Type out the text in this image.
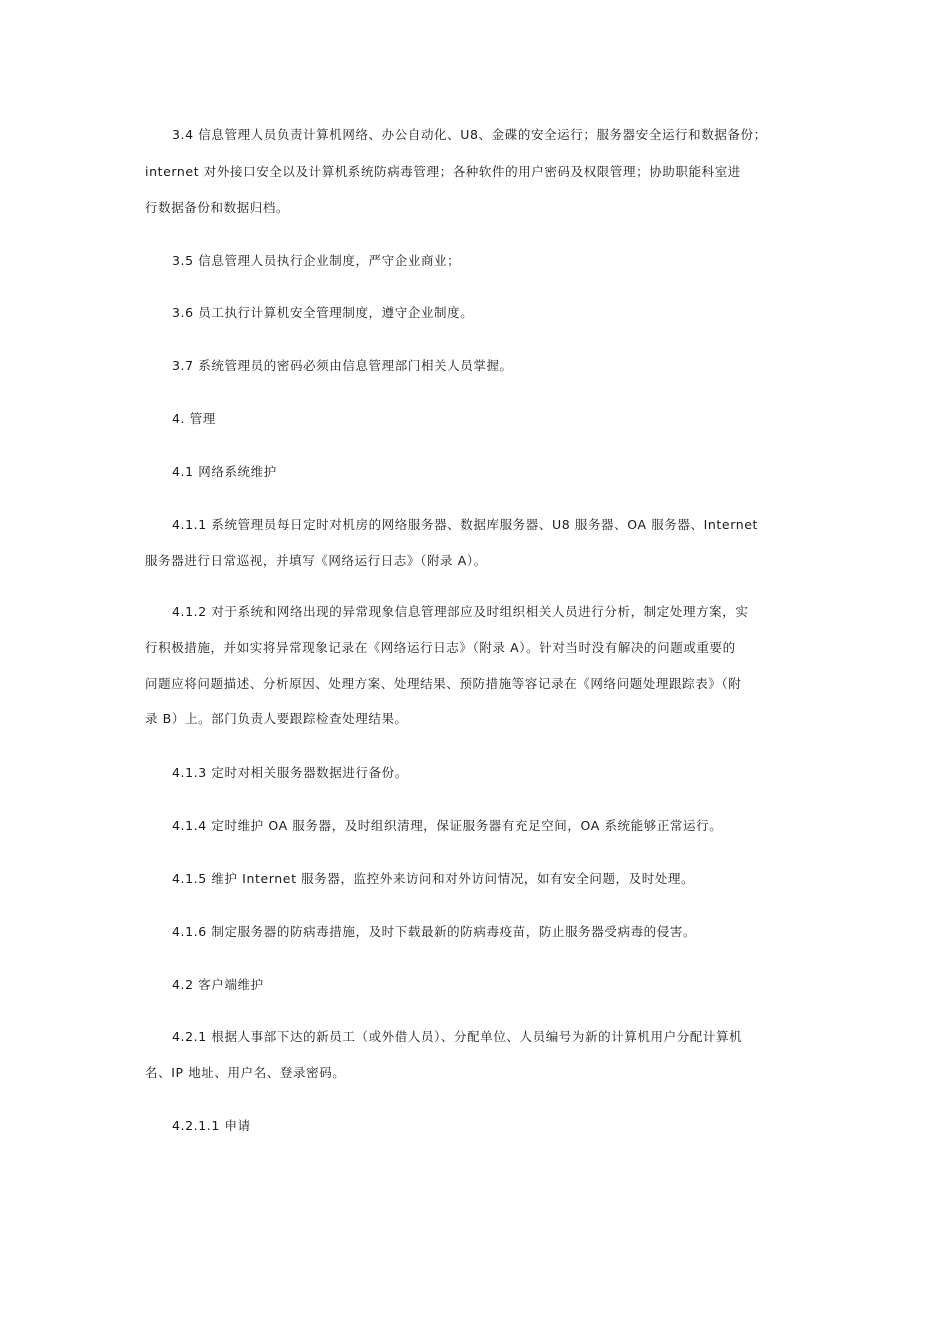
3.4 信息管理人员负责计算机网络、办公自动化、U8、金碟的安全运行；服务器安全运行和数据备份；
internet 对外接口安全以及计算机系统防病毒管理；各种软件的用户密码及权限管理；协助职能科室进
行数据备份和数据归档。
3.5 信息管理人员执行企业制度，严守企业商业；
3.6 员工执行计算机安全管理制度，遵守企业制度。
3.7 系统管理员的密码必须由信息管理部门相关人员掌握。
4. 管理
4.1 网络系统维护
4.1.1 系统管理员每日定时对机房的网络服务器、数据库服务器、U8 服务器、OA 服务器、Internet
服务器进行日常巡视，并填写《网络运行日志》（附录 A）。
4.1.2 对于系统和网络出现的异常现象信息管理部应及时组织相关人员进行分析，制定处理方案，实
行积极措施，并如实将异常现象记录在《网络运行日志》（附录 A）。针对当时没有解决的问题或重要的
问题应将问题描述、分析原因、处理方案、处理结果、预防措施等容记录在《网络问题处理跟踪表》（附
录 B）上。部门负责人要跟踪检查处理结果。
4.1.3 定时对相关服务器数据进行备份。
4.1.4 定时维护 OA 服务器，及时组织清理，保证服务器有充足空间，OA 系统能够正常运行。
4.1.5 维护 Internet 服务器，监控外来访问和对外访问情况，如有安全问题，及时处理。
4.1.6 制定服务器的防病毒措施，及时下载最新的防病毒疫苗，防止服务器受病毒的侵害。
4.2 客户端维护
4.2.1 根据人事部下达的新员工（或外借人员）、分配单位、人员编号为新的计算机用户分配计算机
名、IP 地址、用户名、登录密码。
4.2.1.1 申请
